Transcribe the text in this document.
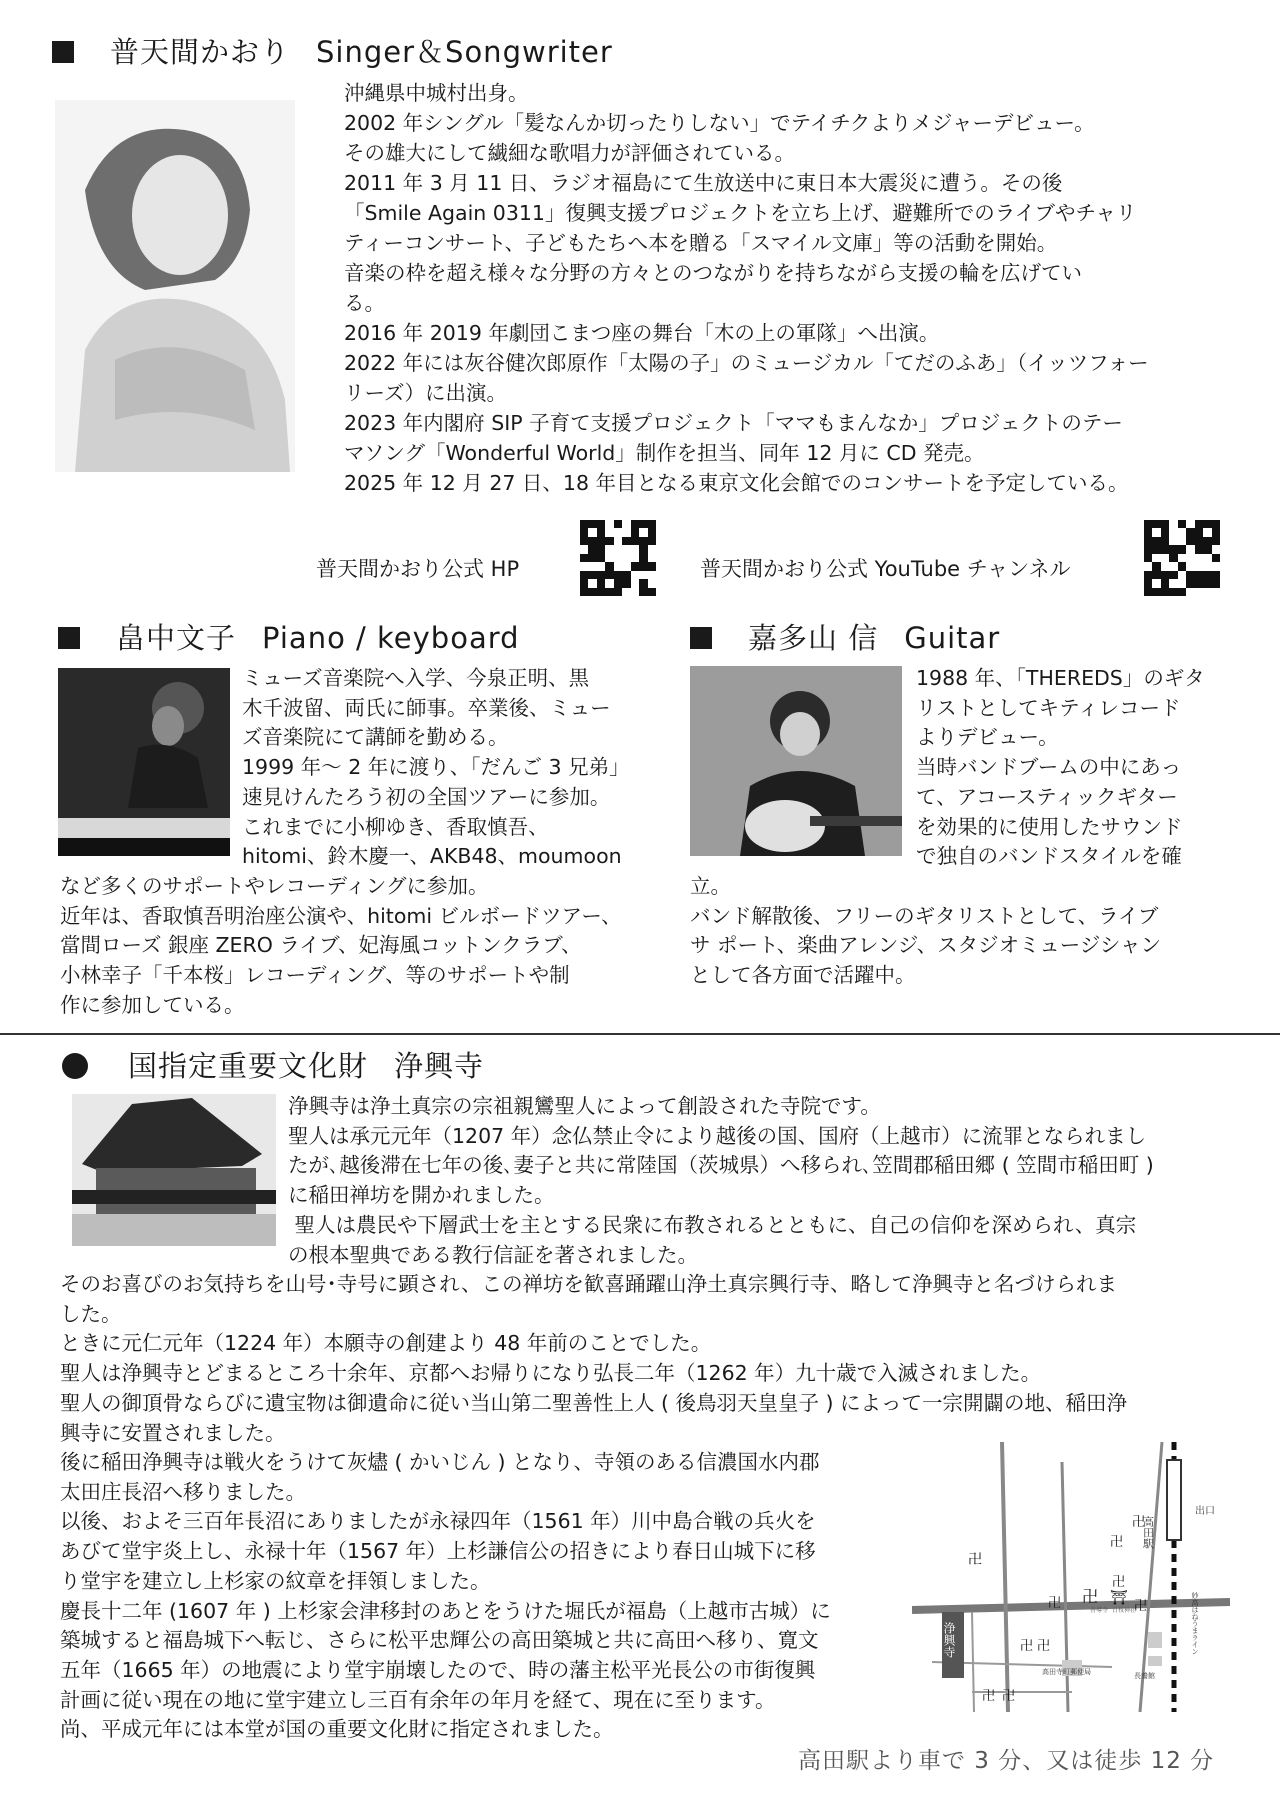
普天間かおり Singer＆Songwriter

沖縄県中城村出身。

2002 年シングル「髪なんか切ったりしない」でテイチクよりメジャーデビュー。

その雄大にして繊細な歌唱力が評価されている。

2011 年 3 月 11 日、ラジオ福島にて生放送中に東日本大震災に遭う。その後

「Smile Again 0311」復興支援プロジェクトを立ち上げ、避難所でのライブやチャリ

ティーコンサート、子どもたちへ本を贈る「スマイル文庫」等の活動を開始。

音楽の枠を超え様々な分野の方々とのつながりを持ちながら支援の輪を広げてい

る。

2016 年 2019 年劇団こまつ座の舞台「木の上の軍隊」へ出演。

2022 年には灰谷健次郎原作「太陽の子」のミュージカル「てだのふあ」（イッツフォー

リーズ）に出演。

2023 年内閣府 SIP 子育て支援プロジェクト「ママもまんなか」プロジェクトのテー

マソング「Wonderful World」制作を担当、同年 12 月に CD 発売。

2025 年 12 月 27 日、18 年目となる東京文化会館でのコンサートを予定している。

普天間かおり公式 HP	普天間かおり公式 YouTube チャンネル
畠中文子 Piano / keyboard

ミューズ音楽院へ入学、今泉正明、黒

木千波留、両氏に師事。卒業後、ミュー

ズ音楽院にて講師を勤める。

1999 年～ 2 年に渡り、「だんご 3 兄弟」

速見けんたろう初の全国ツアーに参加。

これまでに小柳ゆき、香取慎吾、

hitomi、鈴木慶一、AKB48、moumoon

など多くのサポートやレコーディングに参加。

近年は、香取慎吾明治座公演や、hitomi ビルボードツアー、

當間ローズ 銀座 ZERO ライブ、妃海風コットンクラブ、

小林幸子「千本桜」レコーディング、等のサポートや制

作に参加している。

嘉多山 信 Guitar

1988 年、「THEREDS」のギタ

リストとしてキティレコード

よりデビュー。

当時バンドブームの中にあっ

て、アコースティックギター

を効果的に使用したサウンド

で独自のバンドスタイルを確

立。

バンド解散後、フリーのギタリストとして、ライブ

サ ポート、楽曲アレンジ、スタジオミュージシャン

として各方面で活躍中。

国指定重要文化財 浄興寺

浄興寺は浄土真宗の宗祖親鸞聖人によって創設された寺院です。

聖人は承元元年（1207 年）念仏禁止令により越後の国、国府（上越市）に流罪となられまし

たが､越後滞在七年の後､妻子と共に常陸国（茨城県）へ移られ､笠間郡稲田郷 ( 笠間市稲田町 )

に稲田禅坊を開かれました。

聖人は農民や下層武士を主とする民衆に布教されるとともに、自己の信仰を深められ、真宗

の根本聖典である教行信証を著されました。

そのお喜びのお気持ちを山号･寺号に顕され、この禅坊を歓喜踊躍山浄土真宗興行寺、略して浄興寺と名づけられま

した。

ときに元仁元年（1224 年）本願寺の創建より 48 年前のことでした。

聖人は浄興寺とどまるところ十余年、京都へお帰りになり弘長二年（1262 年）九十歳で入滅されました。

聖人の御頂骨ならびに遺宝物は御遺命に従い当山第二聖善性上人 ( 後鳥羽天皇皇子 ) によって一宗開闢の地、稲田浄

興寺に安置されました。

後に稲田浄興寺は戦火をうけて灰燼 ( かいじん ) となり、寺領のある信濃国水内郡

太田庄長沼へ移りました。

以後、およそ三百年長沼にありましたが永禄四年（1561 年）川中島合戦の兵火を

あびて堂宇炎上し、永禄十年（1567 年）上杉謙信公の招きにより春日山城下に移

り堂宇を建立し上杉家の紋章を拝領しました。

慶長十二年 (1607 年 ) 上杉家会津移封のあとをうけた堀氏が福島（上越市古城）に

築城すると福島城下へ転じ、さらに松平忠輝公の高田築城と共に高田へ移り、寛文

五年（1665 年）の地震により堂宇崩壊したので、時の藩主松平光長公の市街復興

計画に従い現在の地に堂宇建立し三百有余年の年月を経て、現在に至ります。

尚、平成元年には本堂が国の重要文化財に指定されました。

高田駅
出口
浄興寺
卍
卍 卍
卍 卍
卍
卍
卍
卍
卍 卍 ⛩
善導寺 日枝神社
高田寺町郵便局	長養館
妙高はねうまライン
高田駅より車で 3 分、又は徒歩 12 分
